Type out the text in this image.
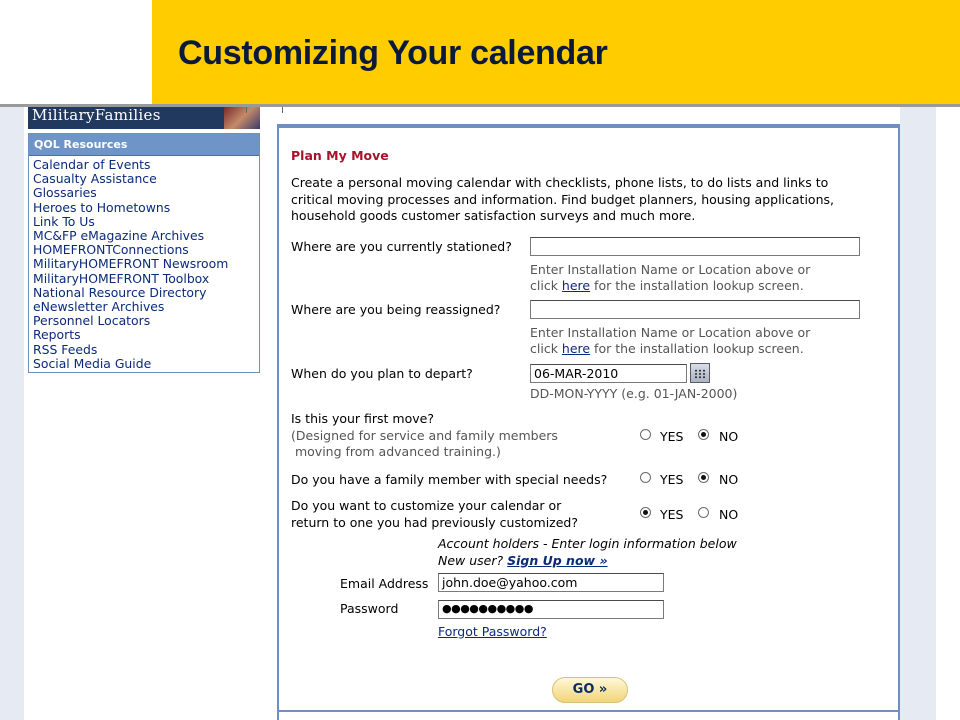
Customizing Your calendar
MilitaryFamilies
QOL Resources
Calendar of Events
Casualty Assistance
Glossaries
Heroes to Hometowns
Link To Us
MC&FP eMagazine Archives
HOMEFRONTConnections
MilitaryHOMEFRONT Newsroom
MilitaryHOMEFRONT Toolbox
National Resource Directory
eNewsletter Archives
Personnel Locators
Reports
RSS Feeds
Social Media Guide
Plan My Move
Create a personal moving calendar with checklists, phone lists, to do lists and links to
critical moving processes and information. Find budget planners, housing applications,
household goods customer satisfaction surveys and much more.
Where are you currently stationed?
Enter Installation Name or Location above or
click here for the installation lookup screen.
Where are you being reassigned?
Enter Installation Name or Location above or
click here for the installation lookup screen.
When do you plan to depart?	06-MAR-2010
DD-MON-YYYY (e.g. 01-JAN-2000)
Is this your first move?
(Designed for service and family members
moving from advanced training.)
YES	NO
Do you have a family member with special needs?	YES	NO
Do you want to customize your calendar or
return to one you had previously customized?
YES	NO
Account holders - Enter login information below
New user? Sign Up now »
Email Address	john.doe@yahoo.com
Password	●●●●●●●●●●
Forgot Password?
GO »
